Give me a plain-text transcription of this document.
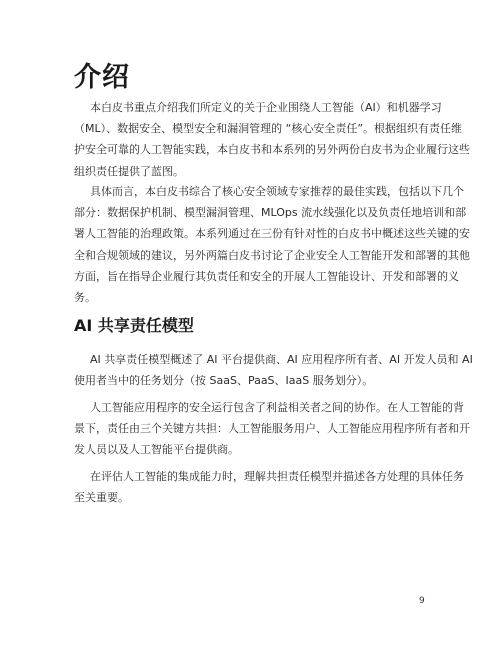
介绍

本白皮书重点介绍我们所定义的关于企业围绕人工智能（AI）和机器学习
（ML）、数据安全、模型安全和漏洞管理的 “核心安全责任”。根据组织有责任维
护安全可靠的人工智能实践，本白皮书和本系列的另外两份白皮书为企业履行这些
组织责任提供了蓝图。

具体而言，本白皮书综合了核心安全领域专家推荐的最佳实践，包括以下几个
部分：数据保护机制、模型漏洞管理、MLOps 流水线强化以及负责任地培训和部
署人工智能的治理政策。本系列通过在三份有针对性的白皮书中概述这些关键的安
全和合规领域的建议，另外两篇白皮书讨论了企业安全人工智能开发和部署的其他
方面，旨在指导企业履行其负责任和安全的开展人工智能设计、开发和部署的义
务。

AI 共享责任模型

AI 共享责任模型概述了 AI 平台提供商、AI 应用程序所有者、AI 开发人员和 AI
使用者当中的任务划分（按 SaaS、PaaS、IaaS 服务划分）。

人工智能应用程序的安全运行包含了利益相关者之间的协作。在人工智能的背
景下，责任由三个关键方共担：人工智能服务用户、人工智能应用程序所有者和开
发人员以及人工智能平台提供商。

在评估人工智能的集成能力时，理解共担责任模型并描述各方处理的具体任务
至关重要。

9
